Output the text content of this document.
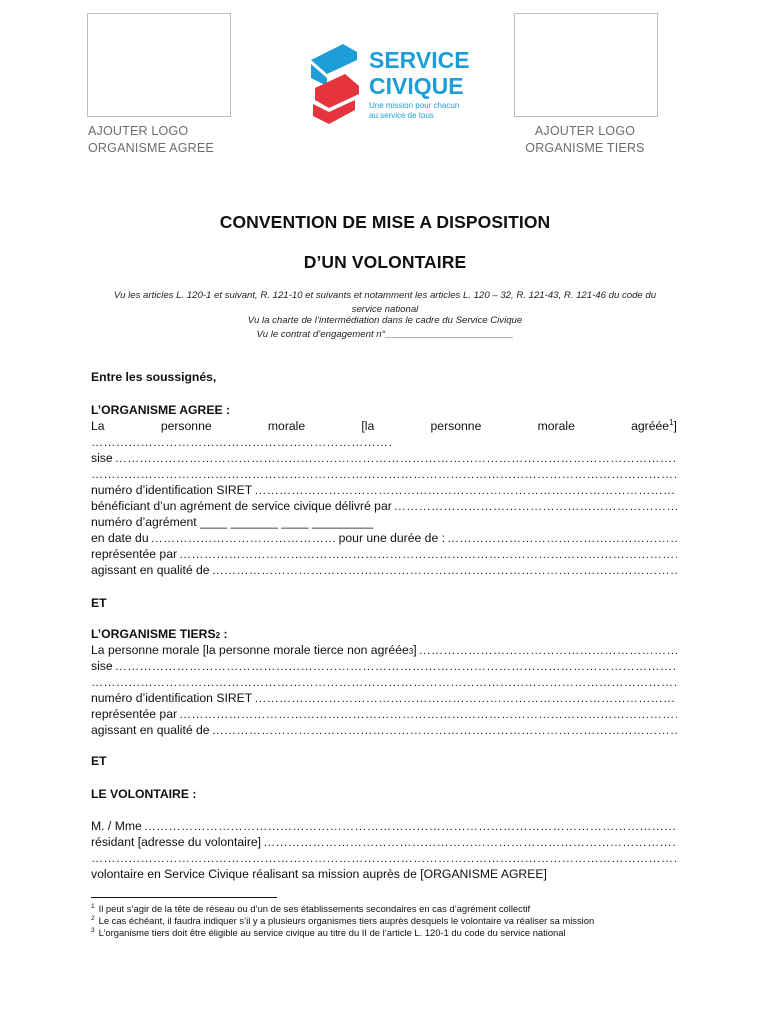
AJOUTER LOGO
ORGANISME AGREE
AJOUTER LOGO
ORGANISME TIERS
SERVICE
CIVIQUE
Une mission pour chacun
au service de tous
CONVENTION DE MISE A DISPOSITION
D’UN VOLONTAIRE
Vu les articles L. 120-1 et suivant, R. 121-10 et suivants et notamment les articles L. 120 – 32, R. 121-43, R. 121-46 du code du
service national
Vu la charte de l’intermédiation dans le cadre du Service Civique
Vu le contrat d’engagement n°________________________
Entre les soussignés,
L’ORGANISME AGREE :
La	personne	morale	[la	personne	morale	agréée1]
……………………………………………………………………………………………………………………………………………………………………………………………………………
sise
……………………………………………………………………………………………………………………………………………………………………………………………………………
……………………………………………………………………………………………………………………………………………………………………………………………………………
numéro d’identification SIRET
……………………………………………………………………………………………………………………………………………………………………………………………………………
bénéficiant d’un agrément de service civique délivré par
……………………………………………………………………………………………………………………………………………………………………………………………………………
numéro d’agrément ____ _______ ____ _________
en date du
……………………………………………………………………………………………………………………………………………………………………………………………………………	pour une durée de :
……………………………………………………………………………………………………………………………………………………………………………………………………………
représentée par
……………………………………………………………………………………………………………………………………………………………………………………………………………
agissant en qualité de
……………………………………………………………………………………………………………………………………………………………………………………………………………
ET
L’ORGANISME TIERS 2 :
La personne morale [la personne morale tierce non agréée 3 ]
……………………………………………………………………………………………………………………………………………………………………………………………………………
sise
……………………………………………………………………………………………………………………………………………………………………………………………………………
……………………………………………………………………………………………………………………………………………………………………………………………………………
numéro d’identification SIRET
……………………………………………………………………………………………………………………………………………………………………………………………………………
représentée par
……………………………………………………………………………………………………………………………………………………………………………………………………………
agissant en qualité de
……………………………………………………………………………………………………………………………………………………………………………………………………………
ET
LE VOLONTAIRE :
M. / Mme
……………………………………………………………………………………………………………………………………………………………………………………………………………
résidant [adresse du volontaire]
……………………………………………………………………………………………………………………………………………………………………………………………………………
……………………………………………………………………………………………………………………………………………………………………………………………………………
volontaire en Service Civique réalisant sa mission auprès de [ORGANISME AGREE]
$^1$ Il peut s’agir de la tête de réseau ou d’un de ses établissements secondaires en cas d’agrément collectif
$^2$ Le cas échéant, il faudra indiquer s’il y a plusieurs organismes tiers auprès desquels le volontaire va réaliser sa mission
$^3$ L’organisme tiers doit être éligible au service civique au titre du II de l’article L. 120-1 du code du service national
